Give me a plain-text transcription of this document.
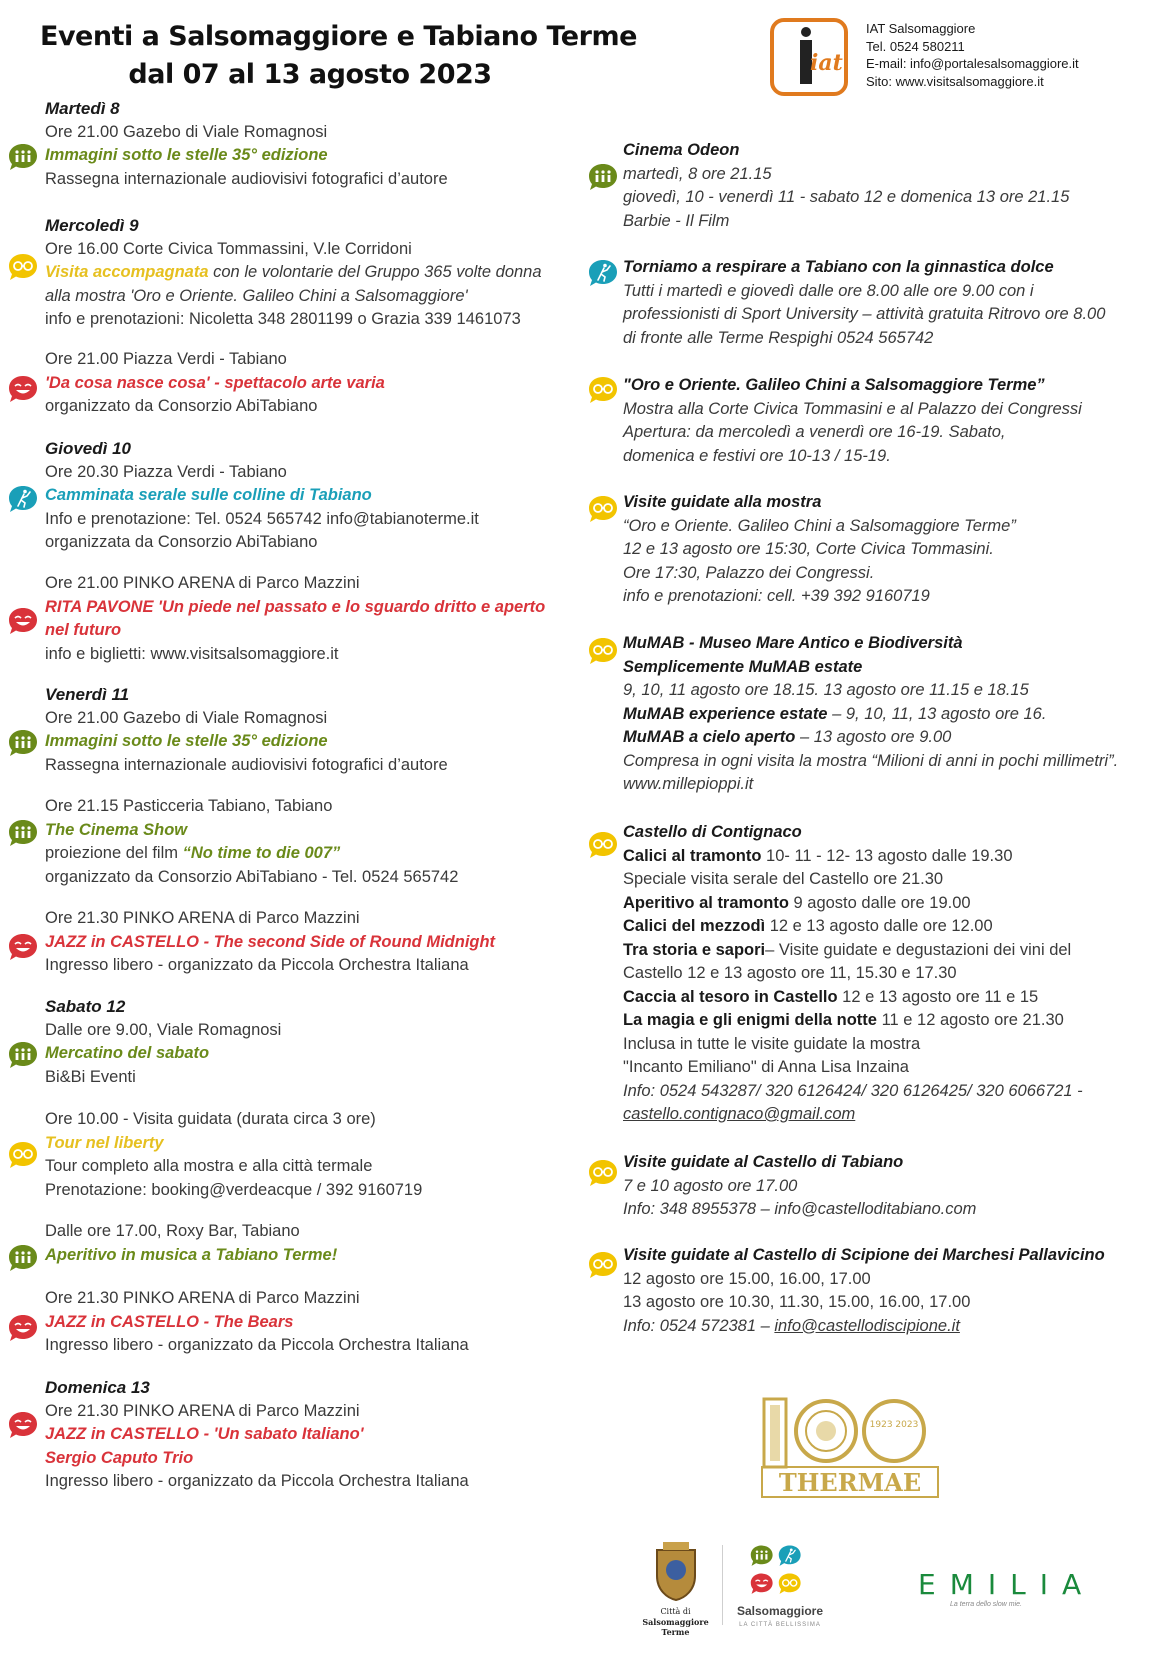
Eventi a Salsomaggiore e Tabiano Terme
dal 07 al 13 agosto 2023	iat
IAT Salsomaggiore
Tel. 0524 580211
E-mail: info@portalesalsomaggiore.it
Sito: www.visitsalsomaggiore.it
Martedì 8
Ore 21.00 Gazebo di Viale Romagnosi
Immagini sotto le stelle 35° edizione
Rassegna internazionale audiovisivi fotografici d’autore
Mercoledì 9
Ore 16.00 Corte Civica Tommassini, V.le Corridoni
Visita accompagnata con le volontarie del Gruppo 365 volte donna
alla mostra 'Oro e Oriente. Galileo Chini a Salsomaggiore'
info e prenotazioni: Nicoletta 348 2801199 o Grazia 339 1461073
Ore 21.00 Piazza Verdi - Tabiano
'Da cosa nasce cosa' - spettacolo arte varia
organizzato da Consorzio AbiTabiano
Giovedì 10
Ore 20.30 Piazza Verdi - Tabiano
Camminata serale sulle colline di Tabiano
Info e prenotazione: Tel. 0524 565742 info@tabianoterme.it
organizzata da Consorzio AbiTabiano
Ore 21.00 PINKO ARENA di Parco Mazzini
RITA PAVONE 'Un piede nel passato e lo sguardo dritto e aperto
nel futuro
info e biglietti: www.visitsalsomaggiore.it
Venerdì 11
Ore 21.00 Gazebo di Viale Romagnosi
Immagini sotto le stelle 35° edizione
Rassegna internazionale audiovisivi fotografici d’autore
Ore 21.15 Pasticceria Tabiano, Tabiano
The Cinema Show
proiezione del film “No time to die 007”
organizzato da Consorzio AbiTabiano - Tel. 0524 565742
Ore 21.30 PINKO ARENA di Parco Mazzini
JAZZ in CASTELLO - The second Side of Round Midnight
Ingresso libero - organizzato da Piccola Orchestra Italiana
Sabato 12
Dalle ore 9.00, Viale Romagnosi
Mercatino del sabato
Bi&Bi Eventi
Ore 10.00 - Visita guidata (durata circa 3 ore)
Tour nel liberty
Tour completo alla mostra e alla città termale
Prenotazione: booking@verdeacque / 392 9160719
Dalle ore 17.00, Roxy Bar, Tabiano
Aperitivo in musica a Tabiano Terme!
Ore 21.30 PINKO ARENA di Parco Mazzini
JAZZ in CASTELLO - The Bears
Ingresso libero - organizzato da Piccola Orchestra Italiana
Domenica 13
Ore 21.30 PINKO ARENA di Parco Mazzini
JAZZ in CASTELLO - 'Un sabato Italiano'
Sergio Caputo Trio
Ingresso libero - organizzato da Piccola Orchestra Italiana
Cinema Odeon
martedì, 8 ore 21.15
giovedì, 10 - venerdì 11 - sabato 12 e domenica 13 ore 21.15
Barbie - Il Film
Torniamo a respirare a Tabiano con la ginnastica dolce
Tutti i martedì e giovedì dalle ore 8.00 alle ore 9.00 con i
professionisti di Sport University – attività gratuita Ritrovo ore 8.00
di fronte alle Terme Respighi 0524 565742
"Oro e Oriente. Galileo Chini a Salsomaggiore Terme”
Mostra alla Corte Civica Tommasini e al Palazzo dei Congressi
Apertura: da mercoledì a venerdì ore 16-19. Sabato,
domenica e festivi ore 10-13 / 15-19.
Visite guidate alla mostra
“Oro e Oriente. Galileo Chini a Salsomaggiore Terme”
12 e 13 agosto ore 15:30, Corte Civica Tommasini.
Ore 17:30, Palazzo dei Congressi.
info e prenotazioni: cell. +39 392 9160719
MuMAB - Museo Mare Antico e Biodiversità
Semplicemente MuMAB estate
9, 10, 11 agosto ore 18.15. 13 agosto ore 11.15 e 18.15
MuMAB experience estate – 9, 10, 11, 13 agosto ore 16.
MuMAB a cielo aperto – 13 agosto ore 9.00
Compresa in ogni visita la mostra “Milioni di anni in pochi millimetri”.
www.millepioppi.it
Castello di Contignaco
Calici al tramonto 10- 11 - 12- 13 agosto dalle 19.30
Speciale visita serale del Castello ore 21.30
Aperitivo al tramonto 9 agosto dalle ore 19.00
Calici del mezzodì 12 e 13 agosto dalle ore 12.00
Tra storia e sapori– Visite guidate e degustazioni dei vini del
Castello 12 e 13 agosto ore 11, 15.30 e 17.30
Caccia al tesoro in Castello 12 e 13 agosto ore 11 e 15
La magia e gli enigmi della notte 11 e 12 agosto ore 21.30
Inclusa in tutte le visite guidate la mostra
"Incanto Emiliano" di Anna Lisa Inzaina
Info: 0524 543287/ 320 6126424/ 320 6126425/ 320 6066721 -
castello.contignaco@gmail.com
Visite guidate al Castello di Tabiano
7 e 10 agosto ore 17.00
Info: 348 8955378 – info@castelloditabiano.com
Visite guidate al Castello di Scipione dei Marchesi Pallavicino
12 agosto ore 15.00, 16.00, 17.00
13 agosto ore 10.30, 11.30, 15.00, 16.00, 17.00
Info: 0524 572381 – info@castellodiscipione.it
1923 2023
THERMAE
Città di
Salsomaggiore Terme
Salsomaggiore
LA CITTÀ BELLISSIMA
EMILIA
La terra dello slow mie.
